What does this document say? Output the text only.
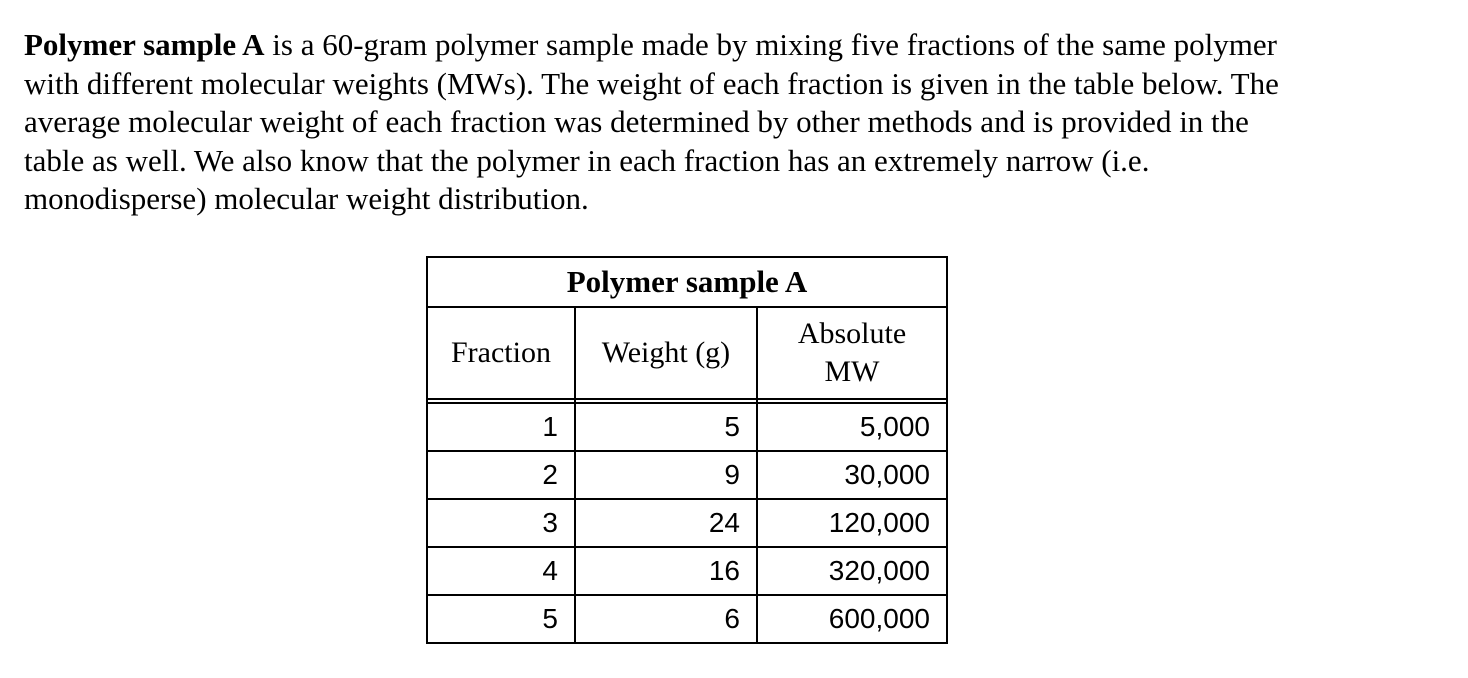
Polymer sample A is a 60-gram polymer sample made by mixing five fractions of the same polymer
with different molecular weights (MWs). The weight of each fraction is given in the table below. The
average molecular weight of each fraction was determined by other methods and is provided in the
table as well. We also know that the polymer in each fraction has an extremely narrow (i.e.
monodisperse) molecular weight distribution.

Polymer sample A		
Fraction	Weight (g)	Absolute
MW

1	5	5,000
2	9	30,000
3	24	120,000
4	16	320,000
5	6	600,000
